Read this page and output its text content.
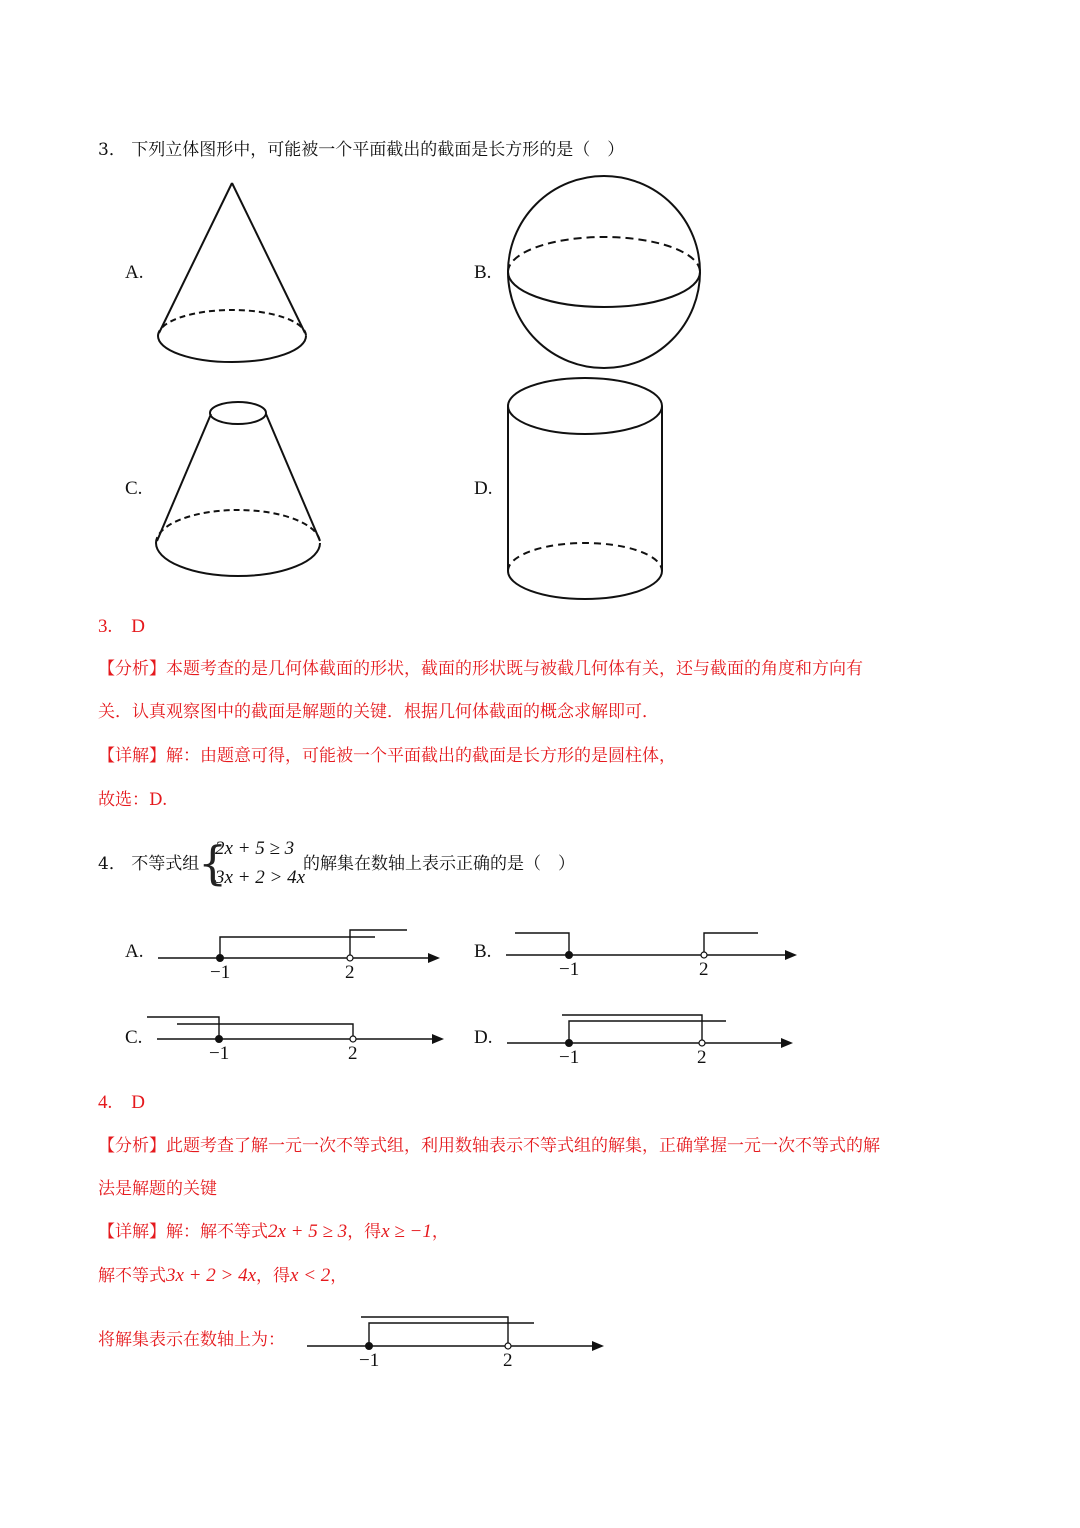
−1	2	−1	2
−1	2	−1	2
−1	2
3． 下列立体图形中，可能被一个平面截出的截面是长方形的是（　）
A.	B.
C.	D.
3. D
【分析】本题考查的是几何体截面的形状，截面的形状既与被截几何体有关，还与截面的角度和方向有
关．认真观察图中的截面是解题的关键．根据几何体截面的概念求解即可．
【详解】解：由题意可得，可能被一个平面截出的截面是长方形的是圆柱体，
故选：D.
4． 不等式组
{
2x + 5 ≥ 3
3x + 2 > 4x
的解集在数轴上表示正确的是（　）
A.	B.
C.	D.
4. D
【分析】此题考查了解一元一次不等式组，利用数轴表示不等式组的解集，正确掌握一元一次不等式的解
法是解题的关键
【详解】解：解不等式2x + 5 ≥ 3，得x ≥ −1，
解不等式3x + 2 > 4x，得x < 2，
将解集表示在数轴上为：
